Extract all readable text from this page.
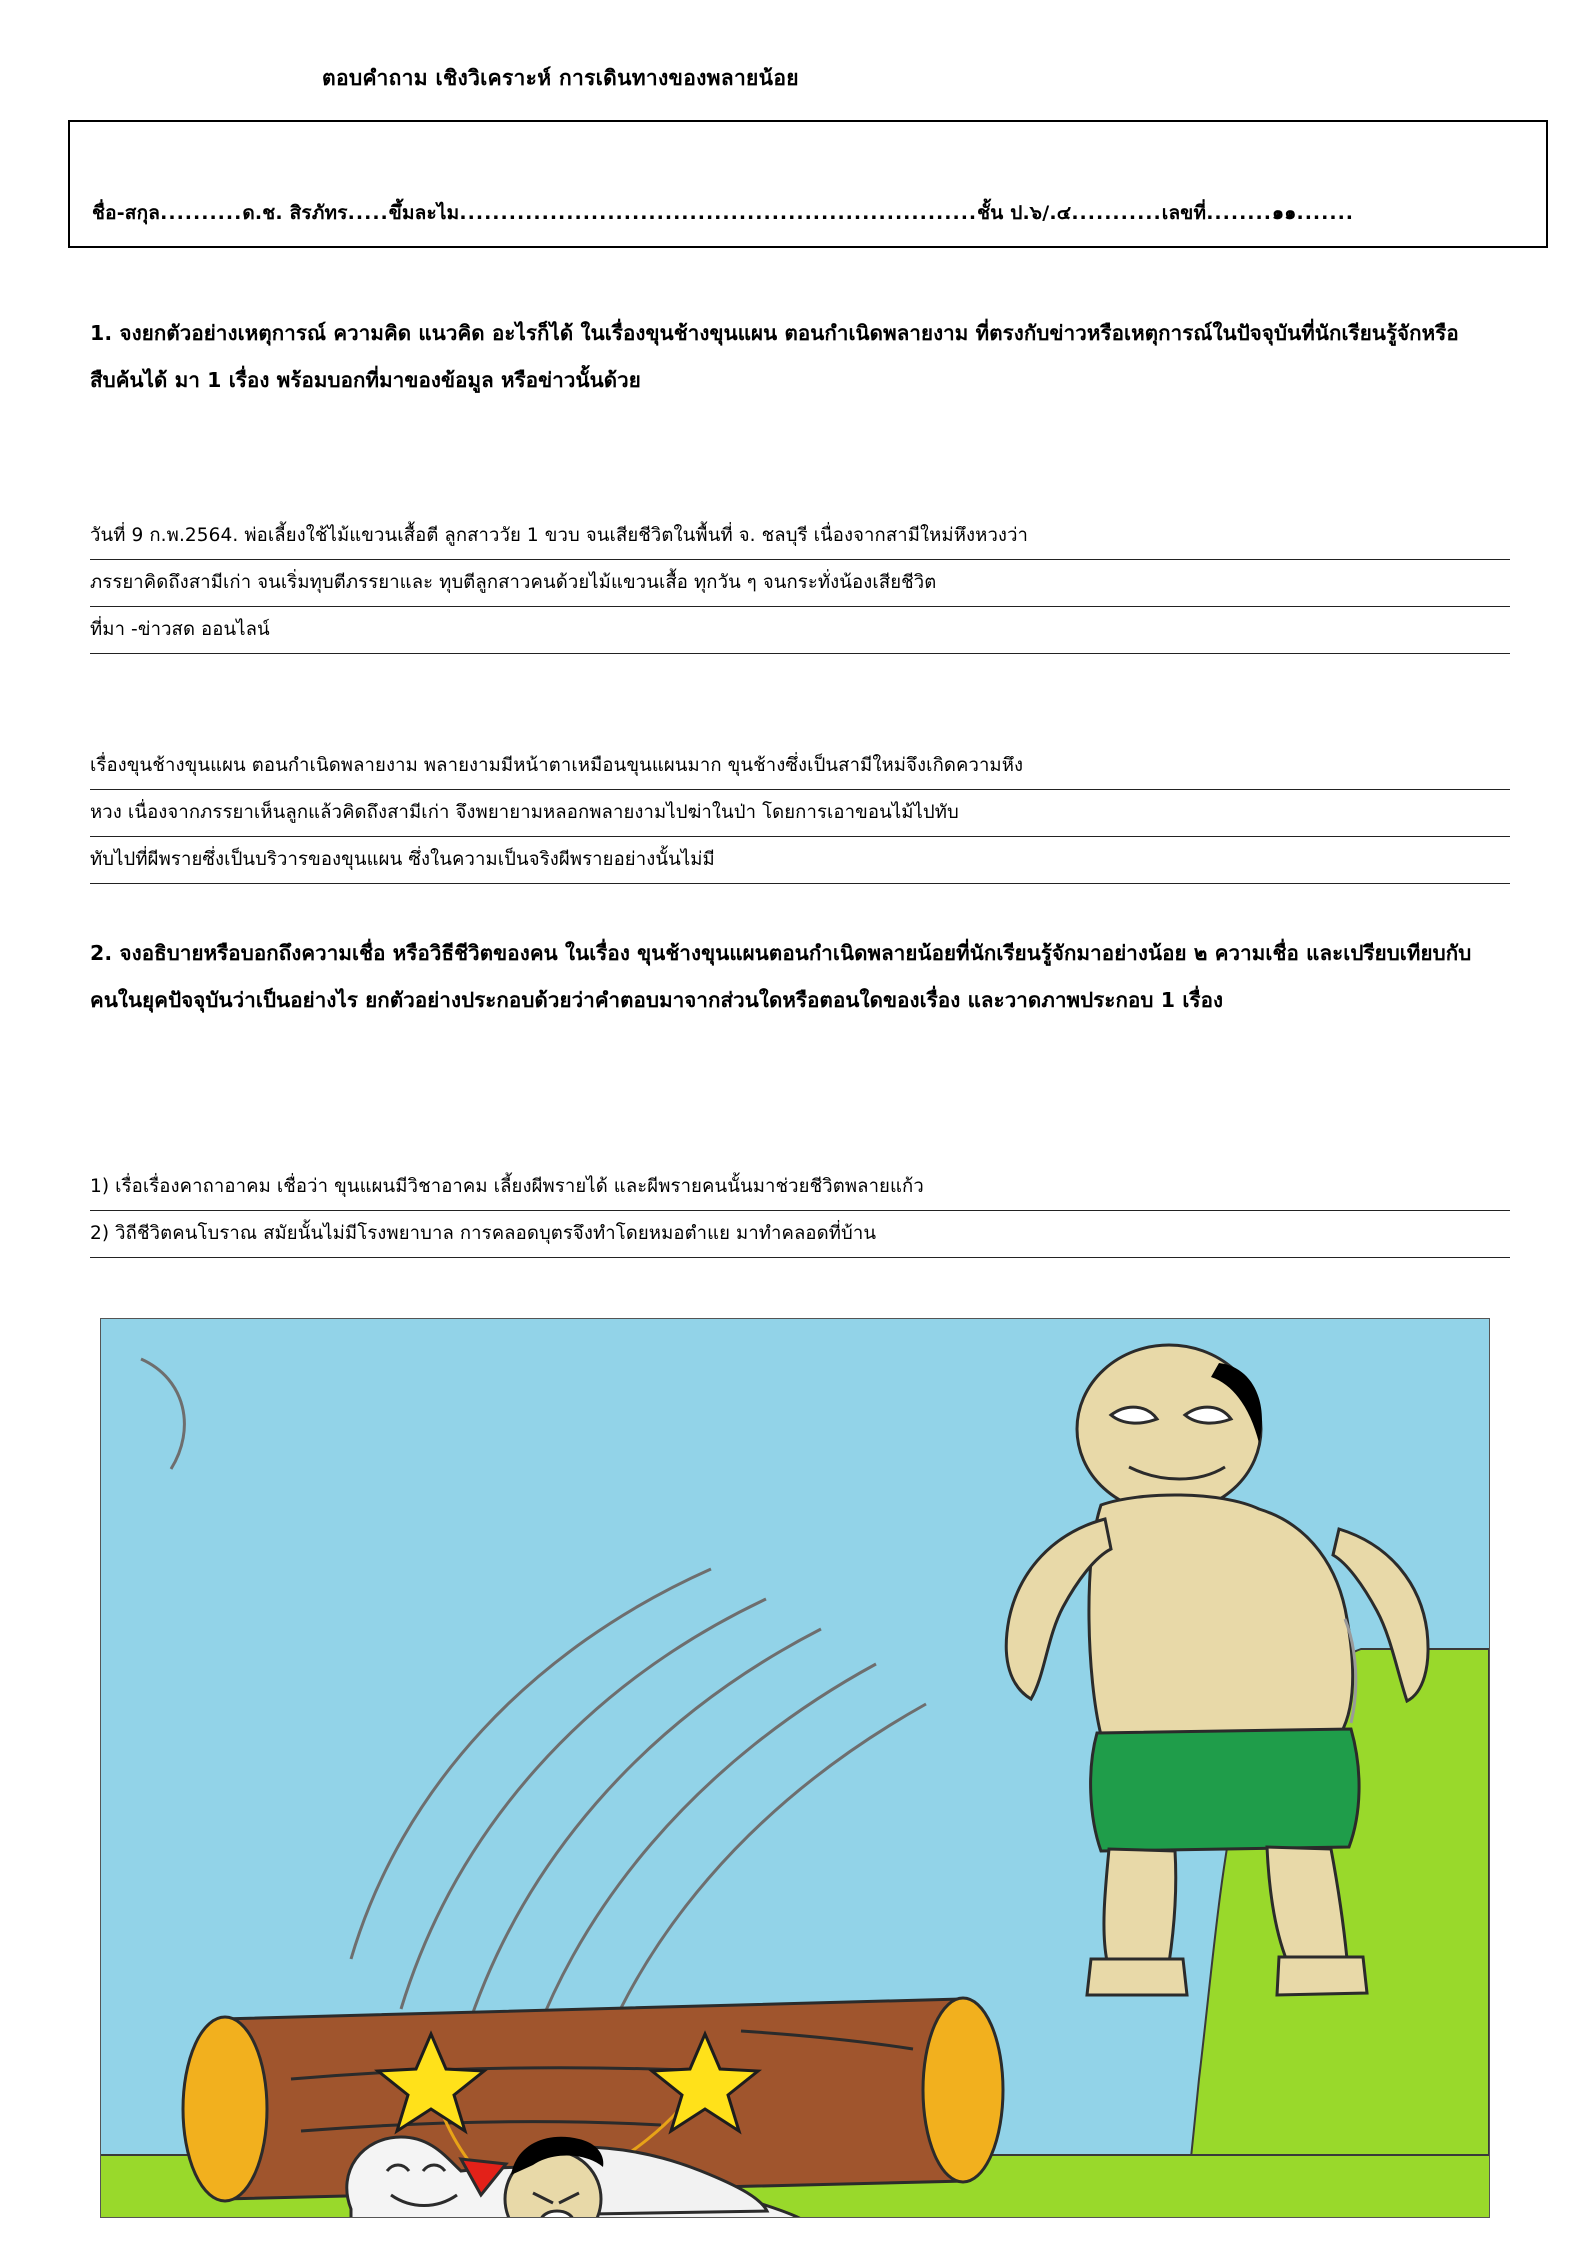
ตอบคำถาม เชิงวิเคราะห์ การเดินทางของพลายน้อย
ชื่อ-สกุล..........ด.ช. สิรภัทร.....ขึ้มละไม...............................................................ชั้น ป.๖/.๔...........เลขที่........๑๑.......
1. จงยกตัวอย่างเหตุการณ์ ความคิด แนวคิด อะไรก็ได้ ในเรื่องขุนช้างขุนแผน ตอนกำเนิดพลายงาม ที่ตรงกับข่าวหรือเหตุการณ์ในปัจจุบันที่นักเรียนรู้จักหรือสืบค้นได้ มา 1 เรื่อง พร้อมบอกที่มาของข้อมูล หรือข่าวนั้นด้วย
วันที่ 9 ก.พ.2564. พ่อเลี้ยงใช้ไม้แขวนเสื้อตี ลูกสาววัย 1 ขวบ จนเสียชีวิตในพื้นที่ จ. ชลบุรี เนื่องจากสามีใหม่หึงหวงว่า
ภรรยาคิดถึงสามีเก่า จนเริ่มทุบตีภรรยาและ ทุบตีลูกสาวคนด้วยไม้แขวนเสื้อ ทุกวัน ๆ จนกระทั่งน้องเสียชีวิต
ที่มา -ข่าวสด ออนไลน์
เรื่องขุนช้างขุนแผน ตอนกำเนิดพลายงาม พลายงามมีหน้าตาเหมือนขุนแผนมาก ขุนช้างซึ่งเป็นสามีใหม่จึงเกิดความหึง
หวง เนื่องจากภรรยาเห็นลูกแล้วคิดถึงสามีเก่า จึงพยายามหลอกพลายงามไปฆ่าในป่า โดยการเอาขอนไม้ไปทับ
ทับไปที่ผีพรายซึ่งเป็นบริวารของขุนแผน ซึ่งในความเป็นจริงผีพรายอย่างนั้นไม่มี
2. จงอธิบายหรือบอกถึงความเชื่อ หรือวิธีชีวิตของคน ในเรื่อง ขุนช้างขุนแผนตอนกำเนิดพลายน้อยที่นักเรียนรู้จักมาอย่างน้อย ๒ ความเชื่อ และเปรียบเทียบกับคนในยุคปัจจุบันว่าเป็นอย่างไร ยกตัวอย่างประกอบด้วยว่าคำตอบมาจากส่วนใดหรือตอนใดของเรื่อง และวาดภาพประกอบ 1 เรื่อง
1) เรื่อเรื่องคาถาอาคม เชื่อว่า ขุนแผนมีวิชาอาคม เลี้ยงผีพรายได้ และผีพรายคนนั้นมาช่วยชีวิตพลายแก้ว
2) วิถีชีวิตคนโบราณ สมัยนั้นไม่มีโรงพยาบาล การคลอดบุตรจึงทำโดยหมอตำแย มาทำคลอดที่บ้าน
